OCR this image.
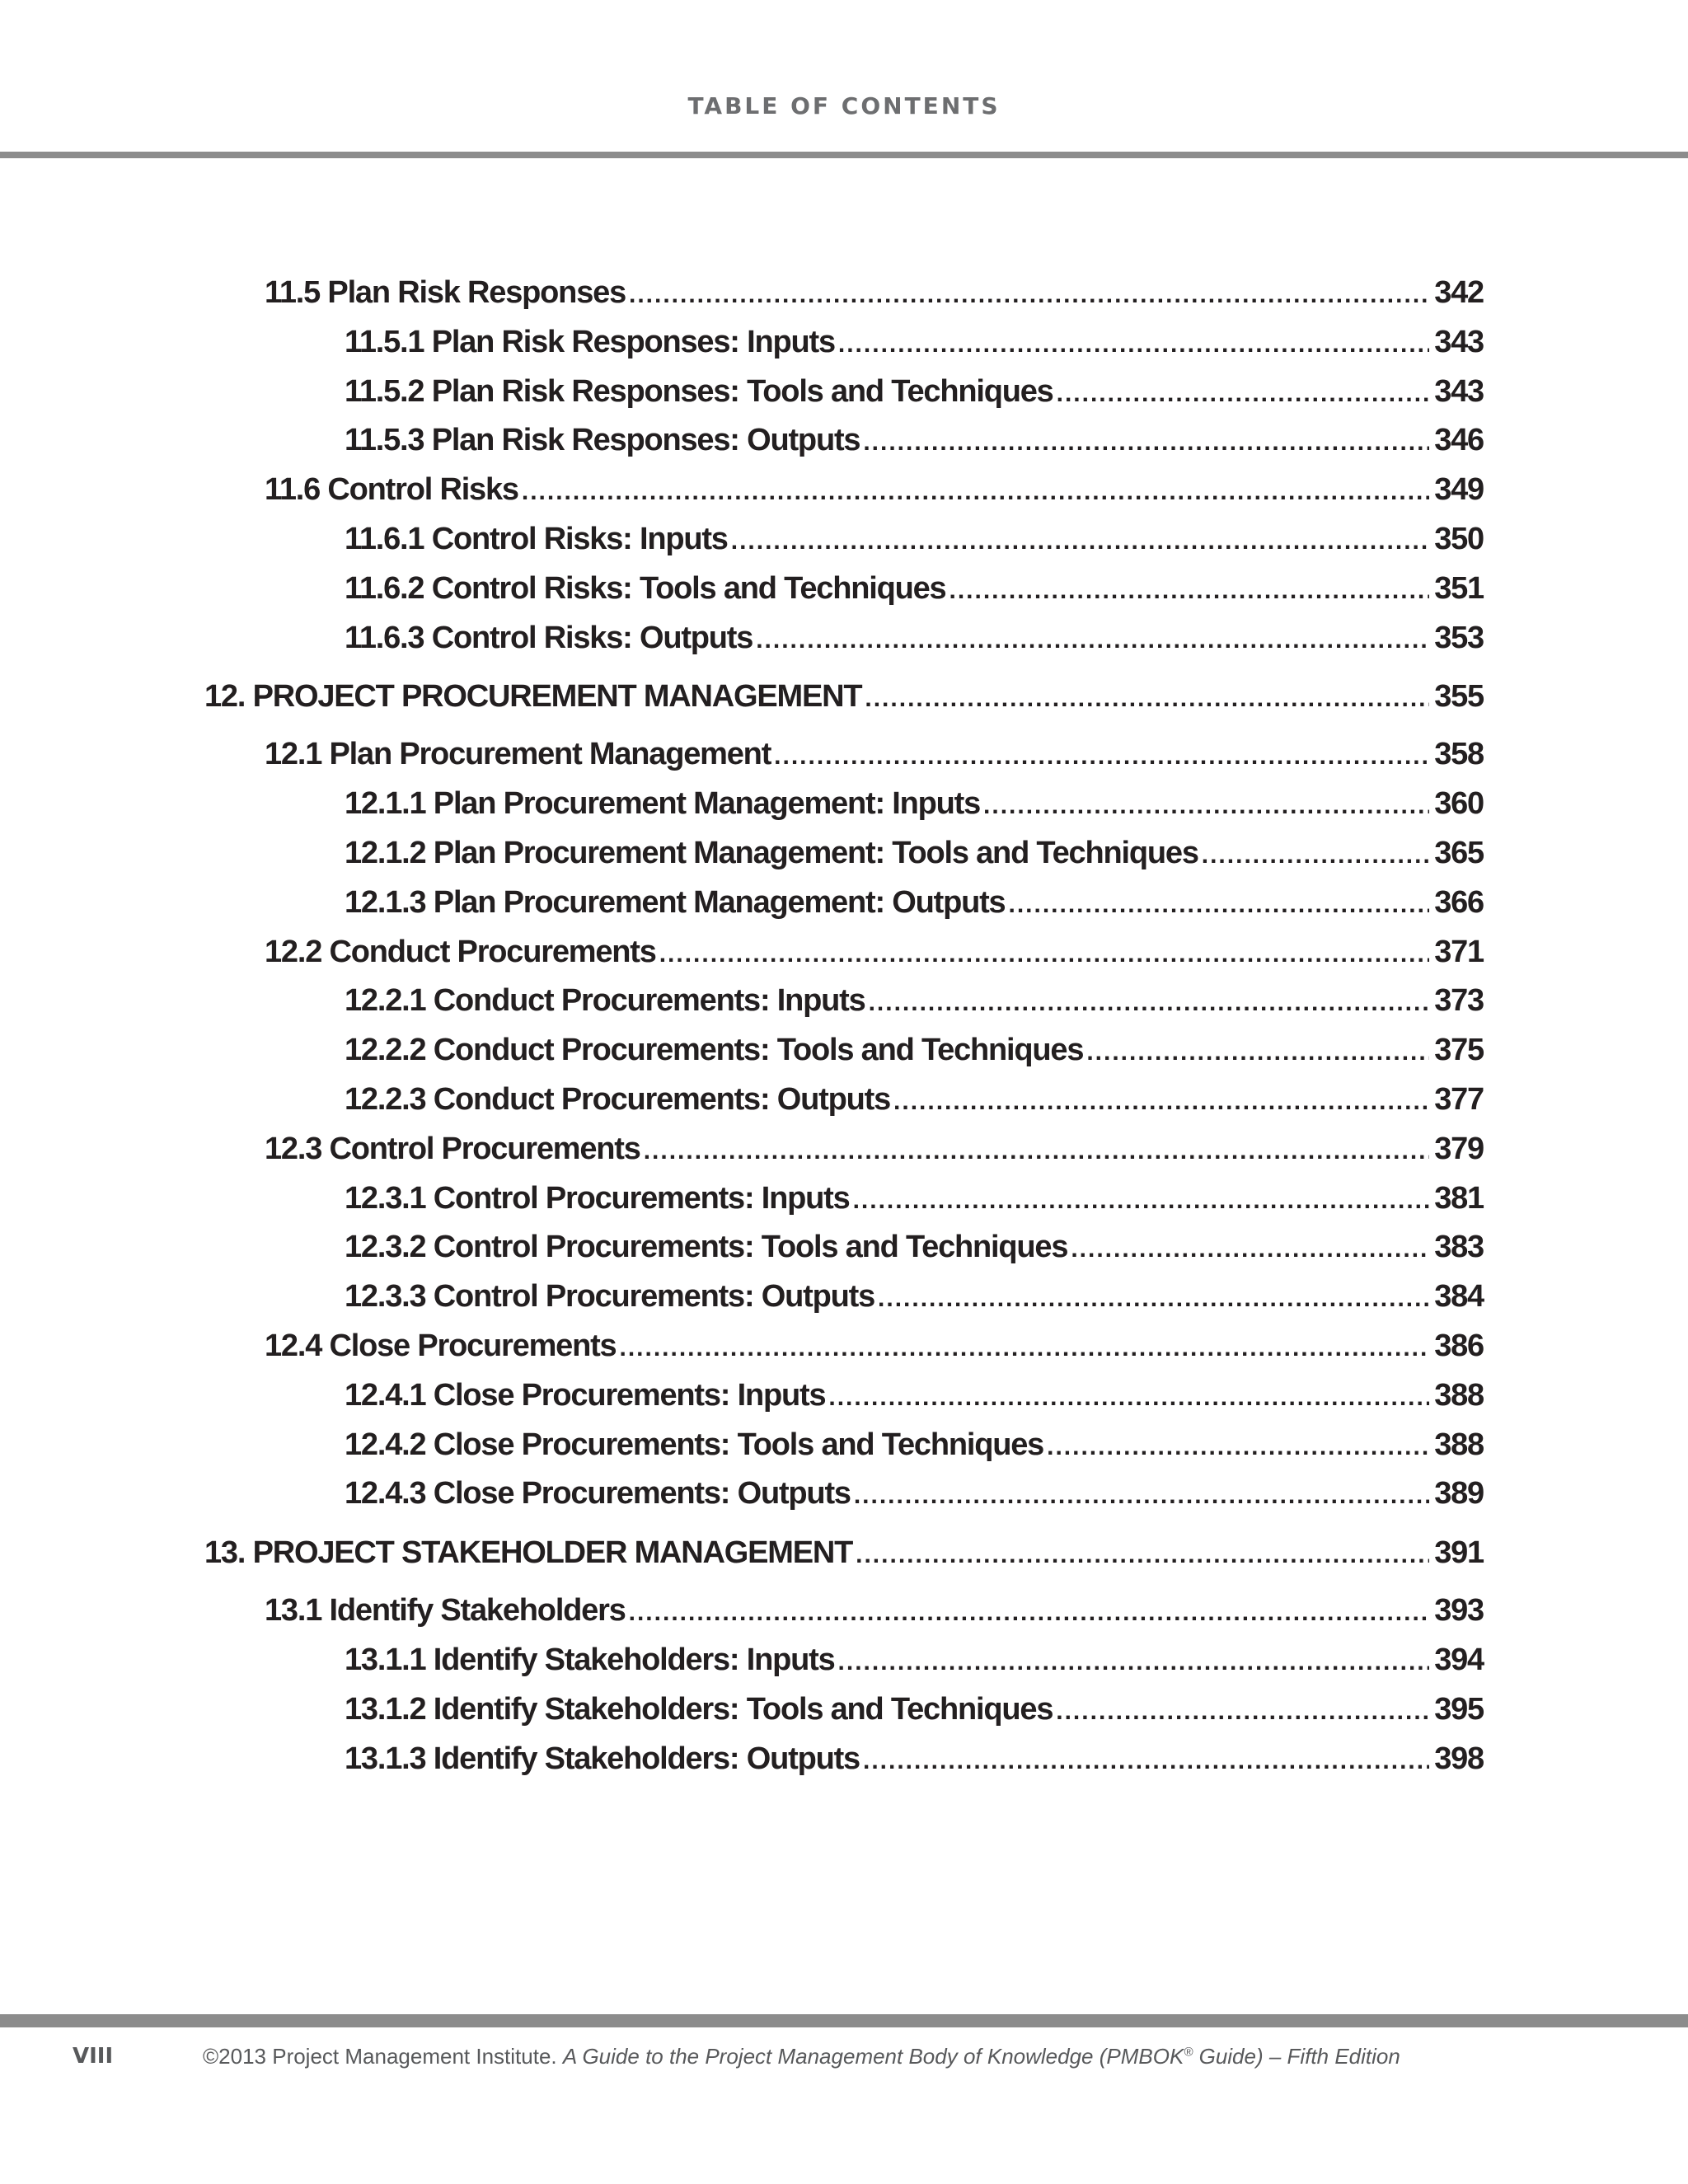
TABLE OF CONTENTS
11.5 Plan Risk Responses .....	342
11.5.1 Plan Risk Responses: Inputs .....	343
11.5.2 Plan Risk Responses: Tools and Techniques .....	343
11.5.3 Plan Risk Responses: Outputs .....	346
11.6 Control Risks .....	349
11.6.1 Control Risks: Inputs .....	350
11.6.2 Control Risks: Tools and Techniques .....	351
11.6.3 Control Risks: Outputs .....	353
12. PROJECT PROCUREMENT MANAGEMENT .....	355
12.1 Plan Procurement Management .....	358
12.1.1 Plan Procurement Management: Inputs .....	360
12.1.2 Plan Procurement Management: Tools and Techniques .....	365
12.1.3 Plan Procurement Management: Outputs .....	366
12.2 Conduct Procurements .....	371
12.2.1 Conduct Procurements: Inputs .....	373
12.2.2 Conduct Procurements: Tools and Techniques .....	375
12.2.3 Conduct Procurements: Outputs .....	377
12.3 Control Procurements .....	379
12.3.1 Control Procurements: Inputs .....	381
12.3.2 Control Procurements: Tools and Techniques .....	383
12.3.3 Control Procurements: Outputs .....	384
12.4 Close Procurements .....	386
12.4.1 Close Procurements: Inputs .....	388
12.4.2 Close Procurements: Tools and Techniques .....	388
12.4.3 Close Procurements: Outputs .....	389
13. PROJECT STAKEHOLDER MANAGEMENT .....	391
13.1 Identify Stakeholders .....	393
13.1.1 Identify Stakeholders: Inputs .....	394
13.1.2 Identify Stakeholders: Tools and Techniques .....	395
13.1.3 Identify Stakeholders: Outputs .....	398
VIII	©2013 Project Management Institute. A Guide to the Project Management Body of Knowledge (PMBOK® Guide) – Fifth Edition
